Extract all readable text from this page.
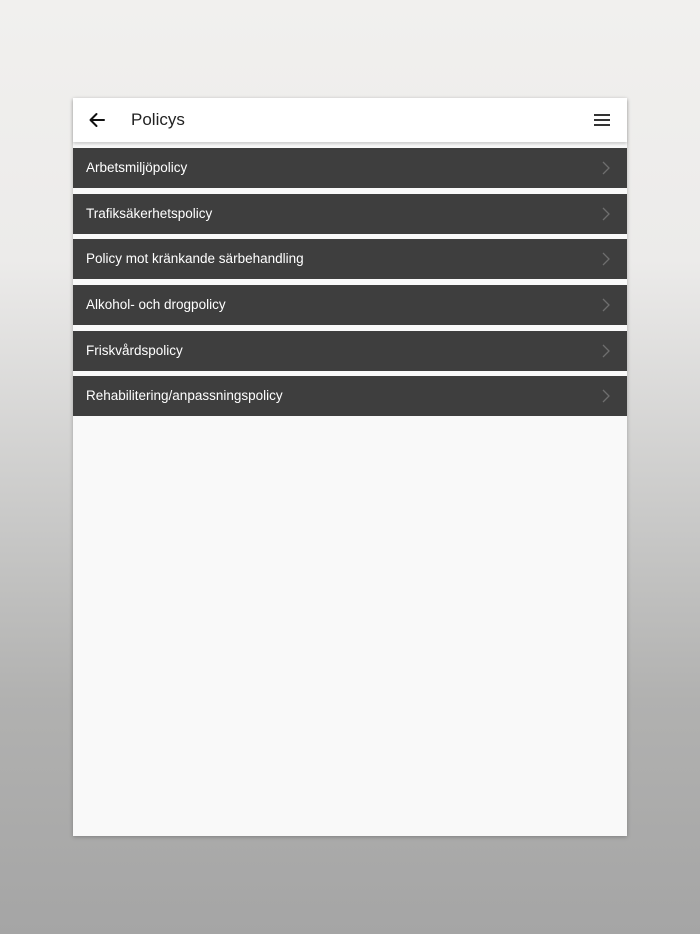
Policys
Arbetsmiljöpolicy
Trafiksäkerhetspolicy
Policy mot kränkande särbehandling
Alkohol- och drogpolicy
Friskvårdspolicy
Rehabilitering/anpassningspolicy
